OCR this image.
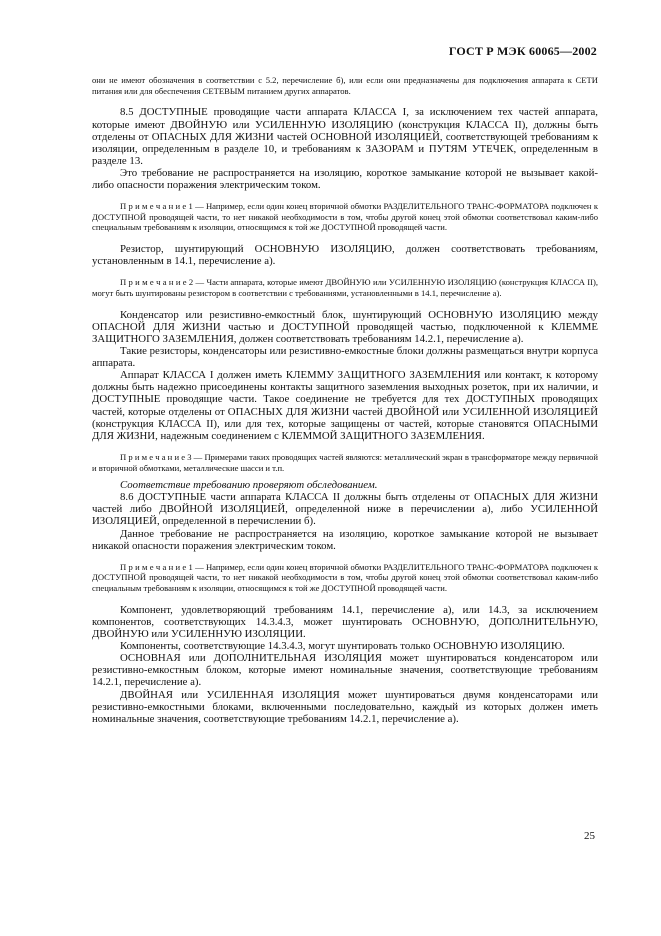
ГОСТ Р МЭК 60065—2002

они не имеют обозначения в соответствии с 5.2, перечисление б), или если они предназначены для подключения аппарата к СЕТИ питания или для обеспечения СЕТЕВЫМ питанием других аппаратов.

8.5 ДОСТУПНЫЕ проводящие части аппарата КЛАССА I, за исключением тех частей аппарата, которые имеют ДВОЙНУЮ или УСИЛЕННУЮ ИЗОЛЯЦИЮ (конструкция КЛАССА II), должны быть отделены от ОПАСНЫХ ДЛЯ ЖИЗНИ частей ОСНОВНОЙ ИЗОЛЯЦИЕЙ, соответствующей требованиям к изоляции, определенным в разделе 10, и требованиям к ЗАЗОРАМ и ПУТЯМ УТЕЧЕК, определенным в разделе 13.

Это требование не распространяется на изоляцию, короткое замыкание которой не вызывает какой-либо опасности поражения электрическим током.

П р и м е ч а н и е 1 — Например, если один конец вторичной обмотки РАЗДЕЛИТЕЛЬНОГО ТРАНС-ФОРМАТОРА подключен к ДОСТУПНОЙ проводящей части, то нет никакой необходимости в том, чтобы другой конец этой обмотки соответствовал каким-либо специальным требованиям к изоляции, относящимся к той же ДОСТУПНОЙ проводящей части.

Резистор, шунтирующий ОСНОВНУЮ ИЗОЛЯЦИЮ, должен соответствовать требованиям, установленным в 14.1, перечисление а).

П р и м е ч а н и е 2 — Части аппарата, которые имеют ДВОЙНУЮ или УСИЛЕННУЮ ИЗОЛЯЦИЮ (конструкция КЛАССА II), могут быть шунтированы резистором в соответствии с требованиями, установленными в 14.1, перечисление а).

Конденсатор или резистивно-емкостный блок, шунтирующий ОСНОВНУЮ ИЗОЛЯЦИЮ между ОПАСНОЙ ДЛЯ ЖИЗНИ частью и ДОСТУПНОЙ проводящей частью, подключенной к КЛЕММЕ ЗАЩИТНОГО ЗАЗЕМЛЕНИЯ, должен соответствовать требованиям 14.2.1, перечисление а).

Такие резисторы, конденсаторы или резистивно-емкостные блоки должны размещаться внутри корпуса аппарата.

Аппарат КЛАССА I должен иметь КЛЕММУ ЗАЩИТНОГО ЗАЗЕМЛЕНИЯ или контакт, к которому должны быть надежно присоединены контакты защитного заземления выходных розеток, при их наличии, и ДОСТУПНЫЕ проводящие части. Такое соединение не требуется для тех ДОСТУПНЫХ проводящих частей, которые отделены от ОПАСНЫХ ДЛЯ ЖИЗНИ частей ДВОЙНОЙ или УСИЛЕННОЙ ИЗОЛЯЦИЕЙ (конструкция КЛАССА II), или для тех, которые защищены от частей, которые становятся ОПАСНЫМИ ДЛЯ ЖИЗНИ, надежным соединением с КЛЕММОЙ ЗАЩИТНОГО ЗАЗЕМЛЕНИЯ.

П р и м е ч а н и е 3 — Примерами таких проводящих частей являются: металлический экран в трансформаторе между первичной и вторичной обмотками, металлические шасси и т.п.

Соответствие требованию проверяют обследованием.

8.6 ДОСТУПНЫЕ части аппарата КЛАССА II должны быть отделены от ОПАСНЫХ ДЛЯ ЖИЗНИ частей либо ДВОЙНОЙ ИЗОЛЯЦИЕЙ, определенной ниже в перечислении а), либо УСИЛЕННОЙ ИЗОЛЯЦИЕЙ, определенной в перечислении б).

Данное требование не распространяется на изоляцию, короткое замыкание которой не вызывает никакой опасности поражения электрическим током.

П р и м е ч а н и е 1 — Например, если один конец вторичной обмотки РАЗДЕЛИТЕЛЬНОГО ТРАНС-ФОРМАТОРА подключен к ДОСТУПНОЙ проводящей части, то нет никакой необходимости в том, чтобы другой конец этой обмотки соответствовал каким-либо специальным требованиям к изоляции, относящимся к той же ДОСТУПНОЙ проводящей части.

Компонент, удовлетворяющий требованиям 14.1, перечисление а), или 14.3, за исключением компонентов, соответствующих 14.3.4.3, может шунтировать ОСНОВНУЮ, ДОПОЛНИТЕЛЬНУЮ, ДВОЙНУЮ или УСИЛЕННУЮ ИЗОЛЯЦИИ.

Компоненты, соответствующие 14.3.4.3, могут шунтировать только ОСНОВНУЮ ИЗОЛЯЦИЮ.

ОСНОВНАЯ или ДОПОЛНИТЕЛЬНАЯ ИЗОЛЯЦИЯ может шунтироваться конденсатором или резистивно-емкостным блоком, которые имеют номинальные значения, соответствующие требованиям 14.2.1, перечисление а).

ДВОЙНАЯ или УСИЛЕННАЯ ИЗОЛЯЦИЯ может шунтироваться двумя конденсаторами или резистивно-емкостными блоками, включенными последовательно, каждый из которых должен иметь номинальные значения, соответствующие требованиям 14.2.1, перечисление а).

25
